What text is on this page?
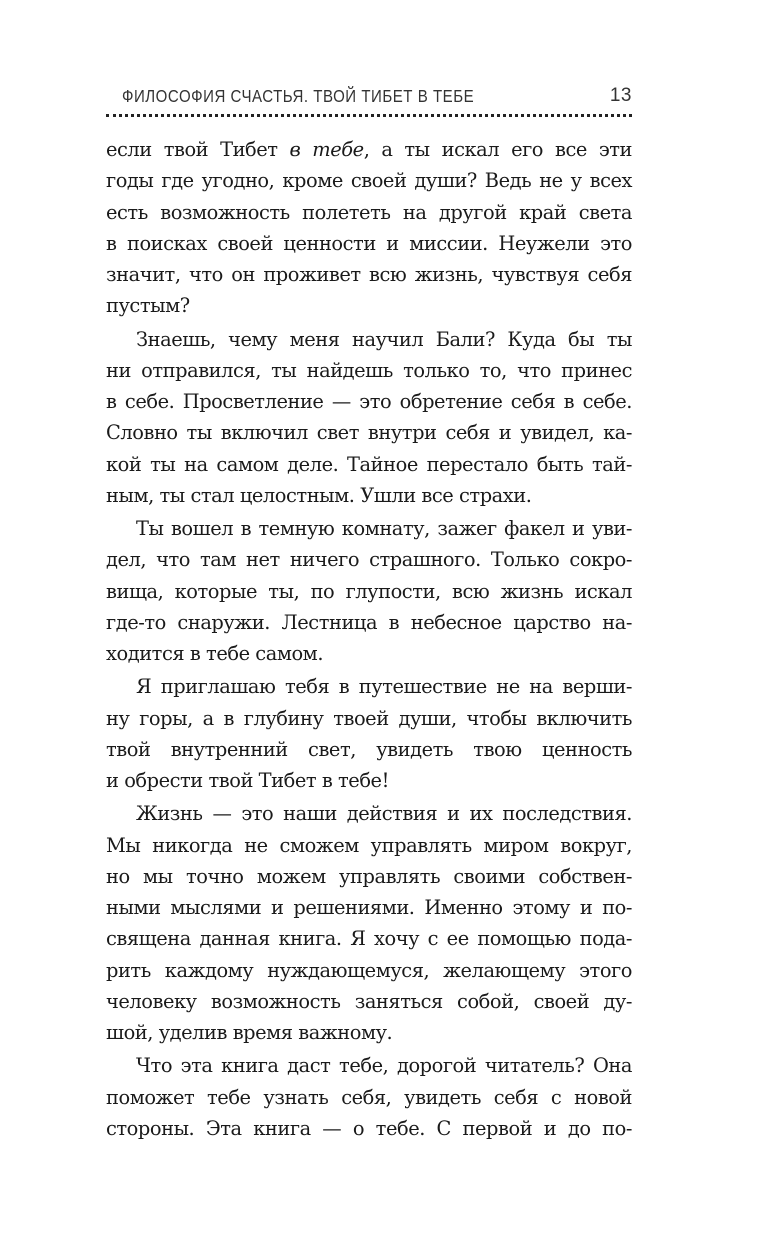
ФИЛОСОФИЯ СЧАСТЬЯ. ТВОЙ ТИБЕТ В ТЕБЕ	13

если твой Тибет в тебе, а ты искал его все эти
годы где угодно, кроме своей души? Ведь не у всех
есть возможность полететь на другой край света
в поисках своей ценности и миссии. Неужели это
значит, что он проживет всю жизнь, чувствуя себя
пустым?

Знаешь, чему меня научил Бали? Куда бы ты
ни отправился, ты найдешь только то, что принес
в себе. Просветление — это обретение себя в себе.
Словно ты включил свет внутри себя и увидел, ка-
кой ты на самом деле. Тайное перестало быть тай-
ным, ты стал целостным. Ушли все страхи.

Ты вошел в темную комнату, зажег факел и уви-
дел, что там нет ничего страшного. Только сокро-
вища, которые ты, по глупости, всю жизнь искал
где-то снаружи. Лестница в небесное царство на-
ходится в тебе самом.

Я приглашаю тебя в путешествие не на верши-
ну горы, а в глубину твоей души, чтобы включить
твой внутренний свет, увидеть твою ценность
и обрести твой Тибет в тебе!

Жизнь — это наши действия и их последствия.
Мы никогда не сможем управлять миром вокруг,
но мы точно можем управлять своими собствен-
ными мыслями и решениями. Именно этому и по-
священа данная книга. Я хочу с ее помощью пода-
рить каждому нуждающемуся, желающему этого
человеку возможность заняться собой, своей ду-
шой, уделив время важному.

Что эта книга даст тебе, дорогой читатель? Она
поможет тебе узнать себя, увидеть себя с новой
стороны. Эта книга — о тебе. С первой и до по-
